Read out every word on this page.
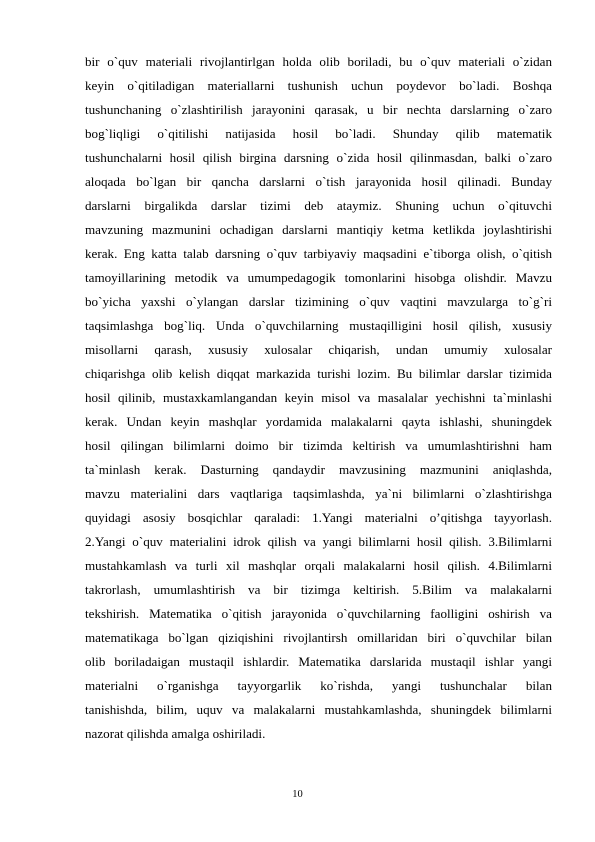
bir o`quv materiali rivojlantirlgan holda olib boriladi, bu o`quv materiali o`zidan
keyin o`qitiladigan materiallarni tushunish uchun poydevor bo`ladi. Boshqa
tushunchaning o`zlashtirilish jarayonini qarasak, u bir nechta darslarning o`zaro
bog`liqligi o`qitilishi natijasida hosil bo`ladi. Shunday qilib matematik
tushunchalarni hosil qilish birgina darsning o`zida hosil qilinmasdan, balki o`zaro
aloqada bo`lgan bir qancha darslarni o`tish jarayonida hosil qilinadi. Bunday
darslarni birgalikda darslar tizimi deb ataymiz. Shuning uchun o`qituvchi
mavzuning mazmunini ochadigan darslarni mantiqiy ketma ketlikda joylashtirishi
kerak. Eng katta talab darsning o`quv tarbiyaviy maqsadini e`tiborga olish, o`qitish
tamoyillarining metodik va umumpedagogik tomonlarini hisobga olishdir. Mavzu
bo`yicha yaxshi o`ylangan darslar tizimining o`quv vaqtini mavzularga to`g`ri
taqsimlashga bog`liq. Unda o`quvchilarning mustaqilligini hosil qilish, xususiy
misollarni qarash, xususiy xulosalar chiqarish, undan umumiy xulosalar
chiqarishga olib kelish diqqat markazida turishi lozim. Bu bilimlar darslar tizimida
hosil qilinib, mustaxkamlangandan keyin misol va masalalar yechishni ta`minlashi
kerak. Undan keyin mashqlar yordamida malakalarni qayta ishlashi, shuningdek
hosil qilingan bilimlarni doimo bir tizimda keltirish va umumlashtirishni ham
ta`minlash kerak. Dasturning qandaydir mavzusining mazmunini aniqlashda,
mavzu materialini dars vaqtlariga taqsimlashda, ya`ni bilimlarni o`zlashtirishga
quyidagi asosiy bosqichlar qaraladi: 1.Yangi materialni o’qitishga tayyorlash.
2.Yangi o`quv materialini idrok qilish va yangi bilimlarni hosil qilish. 3.Bilimlarni
mustahkamlash va turli xil mashqlar orqali malakalarni hosil qilish. 4.Bilimlarni
takrorlash, umumlashtirish va bir tizimga keltirish. 5.Bilim va malakalarni
tekshirish. Matematika o`qitish jarayonida o`quvchilarning faolligini oshirish va
matematikaga bo`lgan qiziqishini rivojlantirsh omillaridan biri o`quvchilar bilan
olib boriladaigan mustaqil ishlardir. Matematika darslarida mustaqil ishlar yangi
materialni o`rganishga tayyorgarlik ko`rishda, yangi tushunchalar bilan
tanishishda, bilim, uquv va malakalarni mustahkamlashda, shuningdek bilimlarni
nazorat qilishda amalga oshiriladi.
10
